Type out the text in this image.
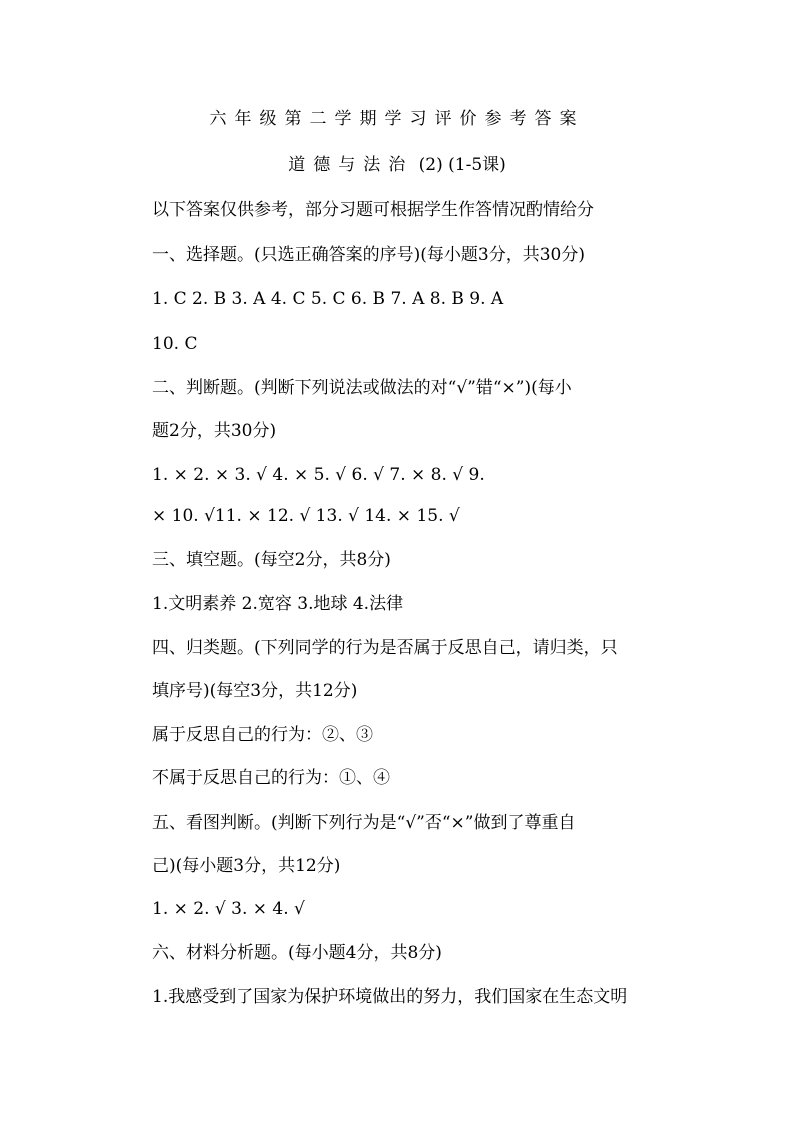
六年级第二学期学习评价参考答案
道德与法治 (2) (1-5课)
以下答案仅供参考，部分习题可根据学生作答情况酌情给分
一、选择题。(只选正确答案的序号)(每小题3分，共30分)
1. C 2. B 3. A 4. C 5. C 6. B 7. A 8. B 9. A
10. C
二、判断题。(判断下列说法或做法的对“√”错“×”)(每小
题2分，共30分)
1. × 2. × 3. √ 4. × 5. √ 6. √ 7. × 8. √ 9.
× 10. √11. × 12. √ 13. √ 14. × 15. √
三、填空题。(每空2分，共8分)
1.文明素养 2.宽容 3.地球 4.法律
四、归类题。(下列同学的行为是否属于反思自己，请归类，只
填序号)(每空3分，共12分)
属于反思自己的行为：②、③
不属于反思自己的行为：①、④
五、看图判断。(判断下列行为是“√”否“×”做到了尊重自
己)(每小题3分，共12分)
1. × 2. √ 3. × 4. √
六、材料分析题。(每小题4分，共8分)
1.我感受到了国家为保护环境做出的努力，我们国家在生态文明
